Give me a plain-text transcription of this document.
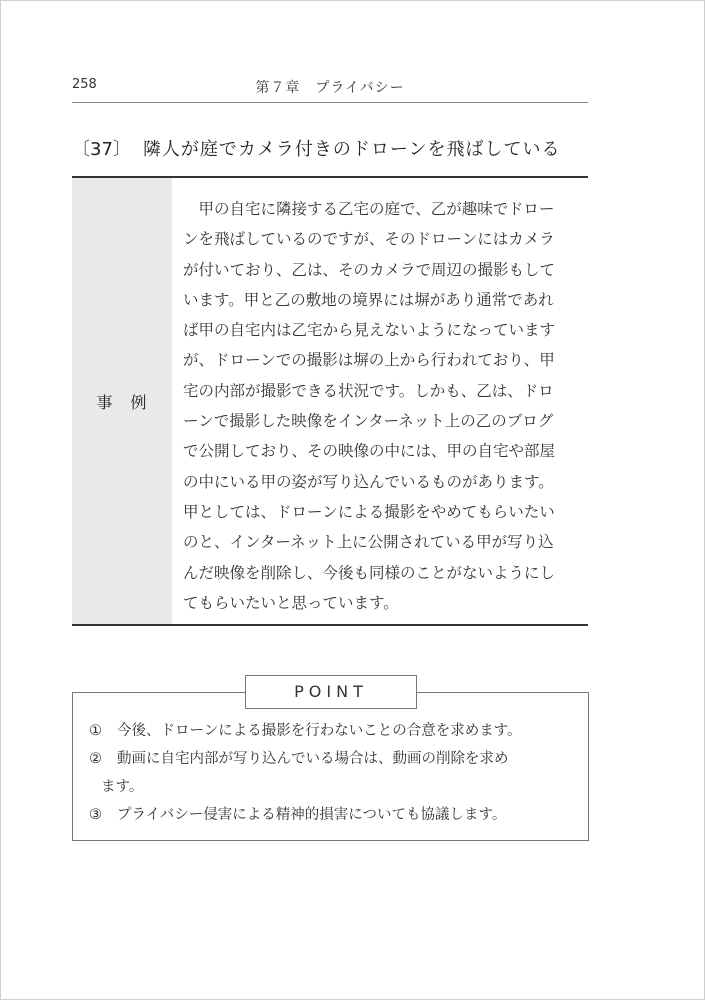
258	第７章　プライバシー
〔37〕 隣人が庭でカメラ付きのドローンを飛ばしている
事　例
　甲の自宅に隣接する乙宅の庭で、乙が趣味でドロー
ンを飛ばしているのですが、そのドローンにはカメラ
が付いており、乙は、そのカメラで周辺の撮影もして
います。甲と乙の敷地の境界には塀があり通常であれ
ば甲の自宅内は乙宅から見えないようになっています
が、ドローンでの撮影は塀の上から行われており、甲
宅の内部が撮影できる状況です。しかも、乙は、ドロ
ーンで撮影した映像をインターネット上の乙のブログ
で公開しており、その映像の中には、甲の自宅や部屋
の中にいる甲の姿が写り込んでいるものがあります。
甲としては、ドローンによる撮影をやめてもらいたい
のと、インターネット上に公開されている甲が写り込
んだ映像を削除し、今後も同様のことがないようにし
てもらいたいと思っています。
POINT
① 今後、ドローンによる撮影を行わないことの合意を求めます。
② 動画に自宅内部が写り込んでいる場合は、動画の削除を求め
ます。
③ プライバシー侵害による精神的損害についても協議します。
